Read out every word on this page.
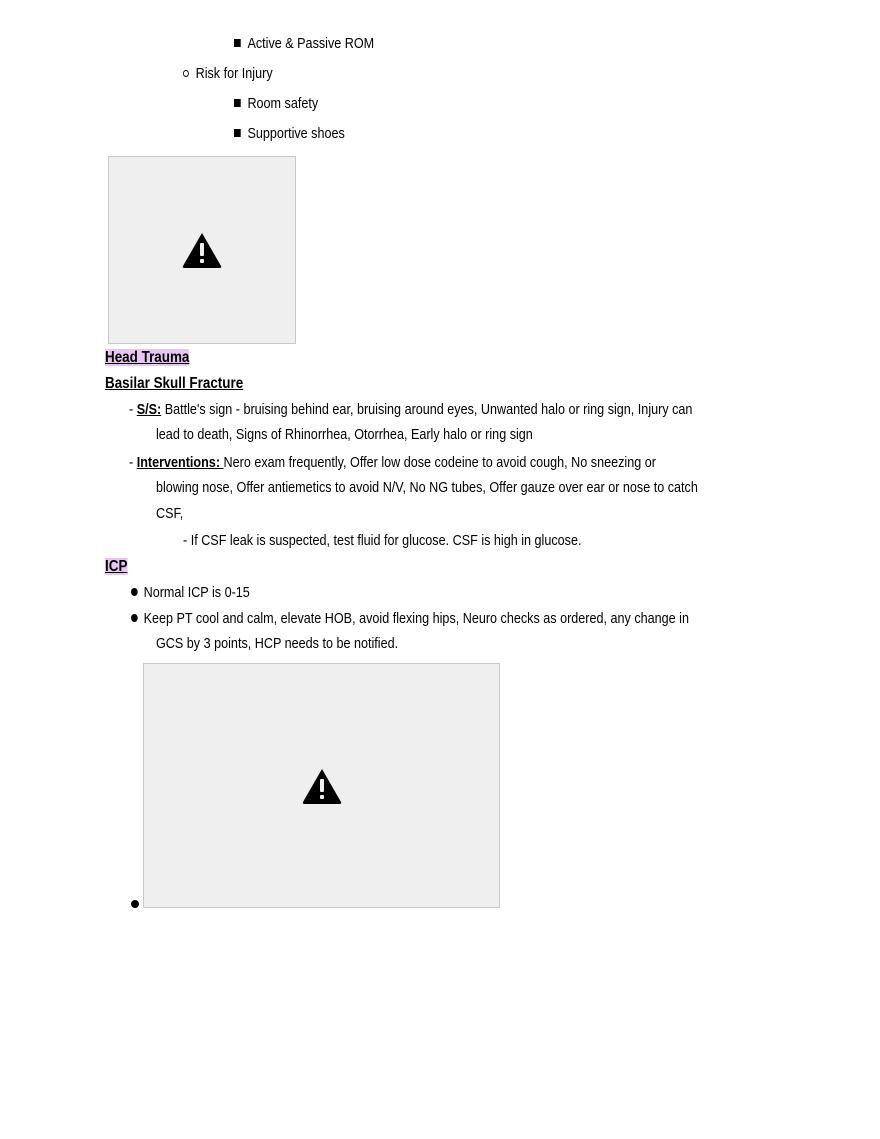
Active & Passive ROM
Risk for Injury
Room safety
Supportive shoes
Head Trauma
Basilar Skull Fracture
- S/S: Battle's sign - bruising behind ear, bruising around eyes, Unwanted halo or ring sign, Injury can
lead to death, Signs of Rhinorrhea, Otorrhea, Early halo or ring sign
- Interventions: Nero exam frequently, Offer low dose codeine to avoid cough, No sneezing or
blowing nose, Offer antiemetics to avoid N/V, No NG tubes, Offer gauze over ear or nose to catch
CSF,
- If CSF leak is suspected, test fluid for glucose. CSF is high in glucose.
ICP
Normal ICP is 0-15
Keep PT cool and calm, elevate HOB, avoid flexing hips, Neuro checks as ordered, any change in
GCS by 3 points, HCP needs to be notified.
